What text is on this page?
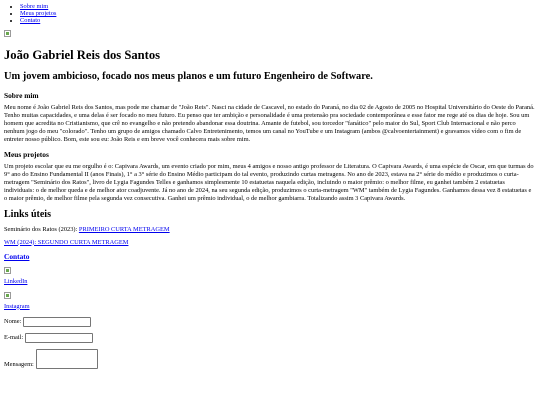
• Sobre mim
• Meus projetos
• Contato
João Gabriel Reis dos Santos
Um jovem ambicioso, focado nos meus planos e um futuro Engenheiro de Software.
Sobre mim

Meu nome é João Gabriel Reis dos Santos, mas pode me chamar de "João Reis". Nasci na cidade de Cascavel, no estado do Paraná, no dia 02 de Agosto de 2005 no Hospital Universitário do Oeste do Paraná. Tenho muitas capacidades, e uma delas é ser focado no meu futuro. Eu penso que ter ambição e personalidade é uma pretensão pra sociedade contemporânea e esse fator me rege até os dias de hoje. Sou um homem que acredita no Cristianismo, que crê no evangelho e não pretendo abandonar essa doutrina. Amante de futebol, sou torcedor "fanático" pelo maior do Sul, Sport Club Internacional e não perco nenhum jogo do meu "colorado". Tenho um grupo de amigos chamado Calvo Entretenimento, temos um canal no YouTube e um Instagram (ambos @calvoentertainment) e gravamos vídeo com o fim de entreter nosso público. Bom, este sou eu: João Reis e em breve você conhecera mais sobre mim.

Meus projetos

Um projeto escolar que eu me orgulho é o: Capivara Awards, um evento criado por mim, meus 4 amigos e nosso antigo professor de Literatura. O Capivara Awards, é uma espécie de Oscar, em que turmas do 9° ano do Ensino Fundamental II (anos Finais), 1° a 3° série do Ensino Médio participam do tal evento, produzindo curtas metragens. No ano de 2023, estava na 2° série do médio e produzimos o curta-metragem "Seminário dos Ratos", livro de Lygia Fagundes Telles e ganhamos simplesmente 10 estatuetas naquela edição, incluindo o maior prêmio: o melhor filme, eu ganhei também 2 estatuetas individuais: o de melhor queda e de melhor ator coadjuvente. Já no ano de 2024, na seu segunda edição, produzimos o curta-metragem "WM" também de Lygia Fagundes. Ganhamos dessa vez 8 estatuetas e o maior prêmio, de melhor filme pela segunda vez consecutiva. Ganhei um prêmio individual, o de melhor gambiarra. Totalizando assim 3 Capivara Awards.

Links úteis

Seminário dos Ratos (2023): PRIMEIRO CURTA METRAGEM

WM (2024): SEGUNDO CURTA METRAGEM

Contato

LinkedIn

Instagram
Nome:
E-mail:
Mensagem:
